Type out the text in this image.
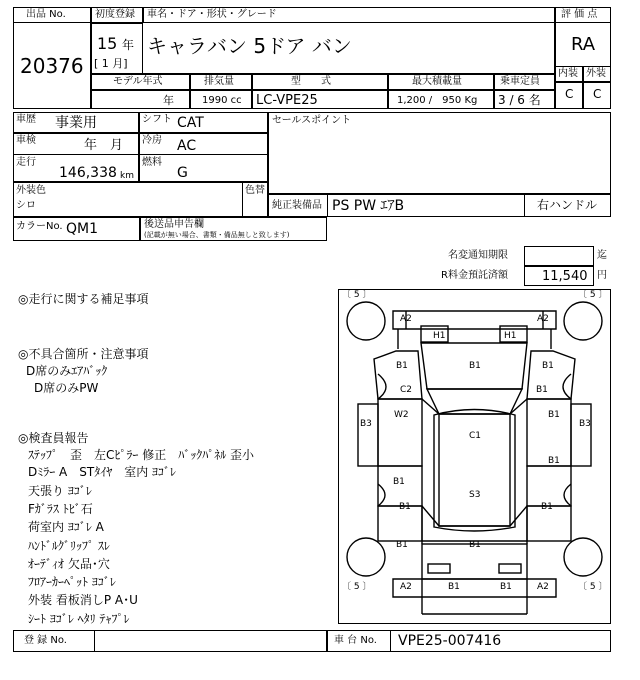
出品 No.
20376
初度登録 車名・ドア・形状・グレード
15 年
[ 1 月]
キャラバン 5ドア バン
評 価 点
RA
内装 外装
C C
モデル年式	排気量	型　　式	最大積載量	乗車定員
年	1990 cc LC-VPE25	1,200 /　950 Kg 3 / 6 名
車歴 事業用
車検	年　月
走行
146,338 km
シフト CAT
冷房 AC
燃料
G
セールスポイント
外装色
シロ
色替
純正装備品 PS PW ｴｱB	右ハンドル
カラーNo. QM1	後送品申告欄
(記載が無い場合、書類・備品無しと致します)
名変通知期限	迄
R料金預託済額	11,540 円
◎走行に関する補足事項
◎不具合箇所・注意事項
D席のみｴｱﾊﾞｯｸ
D席のみPW
◎検査員報告
ｽﾃｯﾌﾟ　歪　左Cﾋﾟﾗｰ 修正　ﾊﾞｯｸﾊﾟﾈﾙ 歪小
Dﾐﾗｰ A　STﾀｲﾔ　室内 ﾖｺﾞﾚ
天張り ﾖｺﾞﾚ
Fｶﾞﾗｽ ﾄﾋﾞ石
荷室内 ﾖｺﾞﾚ A
ﾊﾝﾄﾞﾙｸﾞﾘｯﾌﾟ ｽﾚ
ｵｰﾃﾞｨｵ 欠品･穴
ﾌﾛｱｰｶｰﾍﾟｯﾄ ﾖｺﾞﾚ
外装 看板消しP A･U
ｼｰﾄ ﾖｺﾞﾚ ﾍﾀﾘ ﾃｬﾌﾟﾚ
〔 5 〕	〔 5 〕
〔 5 〕	〔 5 〕
A2	A2
H1	H1
B1
B1	B1
C2	B1
B3
W2	B1
B3
C1
B1
B1
S3
B1	B1
B1
B1
A2	B1	B1	A2
登 録 No.	車 台 No. VPE25-007416
